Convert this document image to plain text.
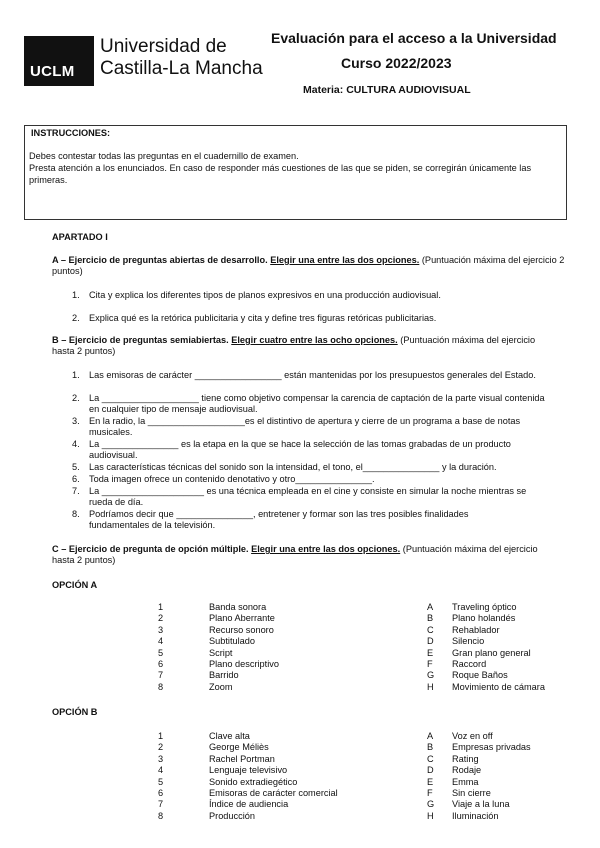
UCLM
Universidad de
Castilla-La Mancha
Evaluación para el acceso a la Universidad
Curso 2022/2023
Materia: CULTURA AUDIOVISUAL
INSTRUCCIONES:
Debes contestar todas las preguntas en el cuadernillo de examen.
Presta atención a los enunciados. En caso de responder más cuestiones de las que se piden, se corregirán únicamente las primeras.
APARTADO I
A – Ejercicio de preguntas abiertas de desarrollo. Elegir una entre las dos opciones. (Puntuación máxima del ejercicio 2 puntos)
1. Cita y explica los diferentes tipos de planos expresivos en una producción audiovisual.
2. Explica qué es la retórica publicitaria y cita y define tres figuras retóricas publicitarias.
B – Ejercicio de preguntas semiabiertas. Elegir cuatro entre las ocho opciones. (Puntuación máxima del ejercicio hasta 2 puntos)
1. Las emisoras de carácter _________________ están mantenidas por los presupuestos generales del Estado.
2. La ___________________ tiene como objetivo compensar la carencia de captación de la parte visual contenida en cualquier tipo de mensaje audiovisual.
3. En la radio, la ___________________es el distintivo de apertura y cierre de un programa a base de notas musicales.
4. La _______________ es la etapa en la que se hace la selección de las tomas grabadas de un producto audiovisual.
5. Las características técnicas del sonido son la intensidad, el tono, el_______________ y la duración.
6. Toda imagen ofrece un contenido denotativo y otro_______________.
7. La ____________________ es una técnica empleada en el cine y consiste en simular la noche mientras se rueda de día.
8. Podríamos decir que _______________, entretener y formar son las tres posibles finalidades fundamentales de la televisión.
C – Ejercicio de pregunta de opción múltiple. Elegir una entre las dos opciones. (Puntuación máxima del ejercicio hasta 2 puntos)
OPCIÓN A
1	Banda sonora	A Traveling óptico
2	Plano Aberrante	B Plano holandés
3	Recurso sonoro	C Rehablador
4	Subtitulado	D Silencio
5	Script	E Gran plano general
6	Plano descriptivo	F Raccord
7	Barrido	G Roque Baños
8	Zoom	H Movimiento de cámara
OPCIÓN B
1	Clave alta	A Voz en off
2	George Méliès	B Empresas privadas
3	Rachel Portman	C Rating
4	Lenguaje televisivo	D Rodaje
5	Sonido extradiegético	E Emma
6	Emisoras de carácter comercial	F Sin cierre
7	Índice de audiencia	G Viaje a la luna
8	Producción	H Iluminación
